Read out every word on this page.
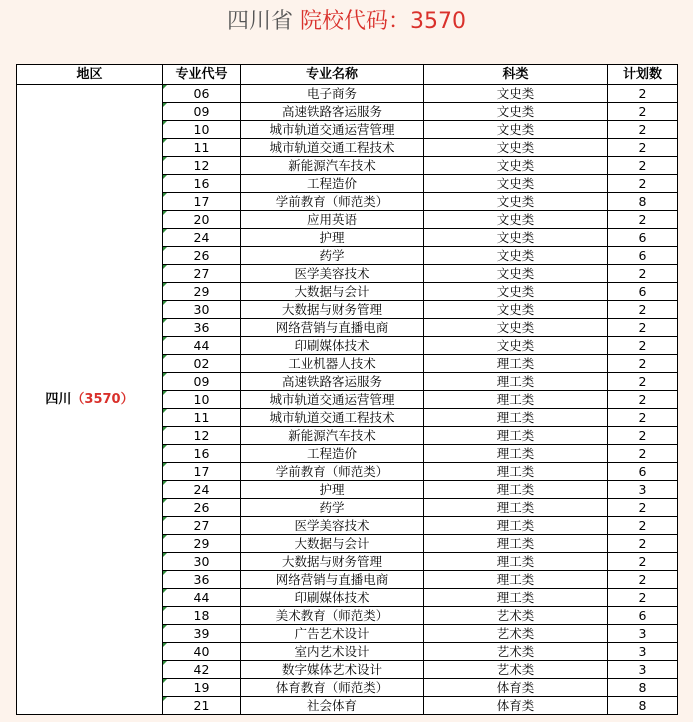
四川省 院校代码：3570
地区	专业代号	专业名称	科类	计划数
四川（3570）	06	电子商务	文史类	2
	09	高速铁路客运服务	文史类	2
	10	城市轨道交通运营管理	文史类	2
	11	城市轨道交通工程技术	文史类	2
	12	新能源汽车技术	文史类	2
	16	工程造价	文史类	2
	17	学前教育（师范类）	文史类	8
	20	应用英语	文史类	2
	24	护理	文史类	6
	26	药学	文史类	6
	27	医学美容技术	文史类	2
	29	大数据与会计	文史类	6
	30	大数据与财务管理	文史类	2
	36	网络营销与直播电商	文史类	2
	44	印刷媒体技术	文史类	2
	02	工业机器人技术	理工类	2
	09	高速铁路客运服务	理工类	2
	10	城市轨道交通运营管理	理工类	2
	11	城市轨道交通工程技术	理工类	2
	12	新能源汽车技术	理工类	2
	16	工程造价	理工类	2
	17	学前教育（师范类）	理工类	6
	24	护理	理工类	3
	26	药学	理工类	2
	27	医学美容技术	理工类	2
	29	大数据与会计	理工类	2
	30	大数据与财务管理	理工类	2
	36	网络营销与直播电商	理工类	2
	44	印刷媒体技术	理工类	2
	18	美术教育（师范类）	艺术类	6
	39	广告艺术设计	艺术类	3
	40	室内艺术设计	艺术类	3
	42	数字媒体艺术设计	艺术类	3
	19	体育教育（师范类）	体育类	8
	21	社会体育	体育类	8
